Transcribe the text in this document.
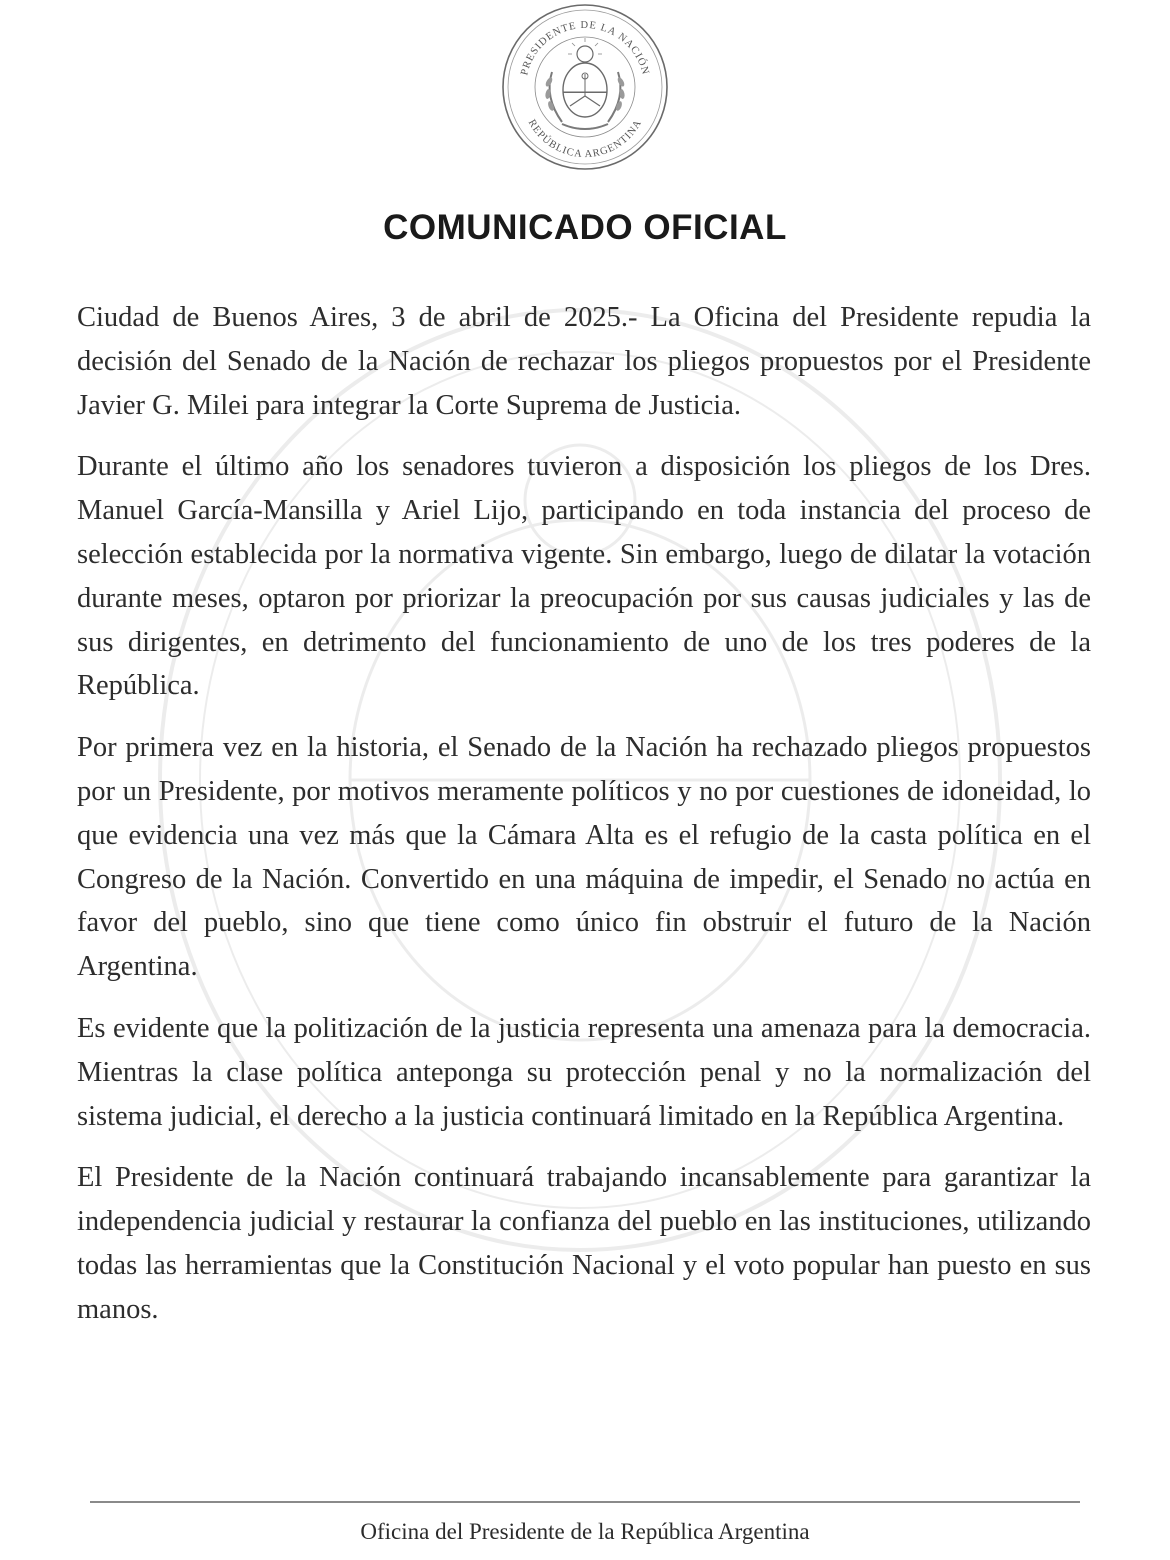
PRESIDENTE DE LA NACIÓN
REPÚBLICA ARGENTINA
COMUNICADO OFICIAL

Ciudad de Buenos Aires, 3 de abril de 2025.- La Oficina del Presidente repudia la decisión del Senado de la Nación de rechazar los pliegos propuestos por el Presidente Javier G. Milei para integrar la Corte Suprema de Justicia.

Durante el último año los senadores tuvieron a disposición los pliegos de los Dres. Manuel García-Mansilla y Ariel Lijo, participando en toda instancia del proceso de selección establecida por la normativa vigente. Sin embargo, luego de dilatar la votación durante meses, optaron por priorizar la preocupación por sus causas judiciales y las de sus dirigentes, en detrimento del funcionamiento de uno de los tres poderes de la República.

Por primera vez en la historia, el Senado de la Nación ha rechazado pliegos propuestos por un Presidente, por motivos meramente políticos y no por cuestiones de idoneidad, lo que evidencia una vez más que la Cámara Alta es el refugio de la casta política en el Congreso de la Nación. Convertido en una máquina de impedir, el Senado no actúa en favor del pueblo, sino que tiene como único fin obstruir el futuro de la Nación Argentina.

Es evidente que la politización de la justicia representa una amenaza para la democracia. Mientras la clase política anteponga su protección penal y no la normalización del sistema judicial, el derecho a la justicia continuará limitado en la República Argentina.

El Presidente de la Nación continuará trabajando incansablemente para garantizar la independencia judicial y restaurar la confianza del pueblo en las instituciones, utilizando todas las herramientas que la Constitución Nacional y el voto popular han puesto en sus manos.

Oficina del Presidente de la República Argentina
